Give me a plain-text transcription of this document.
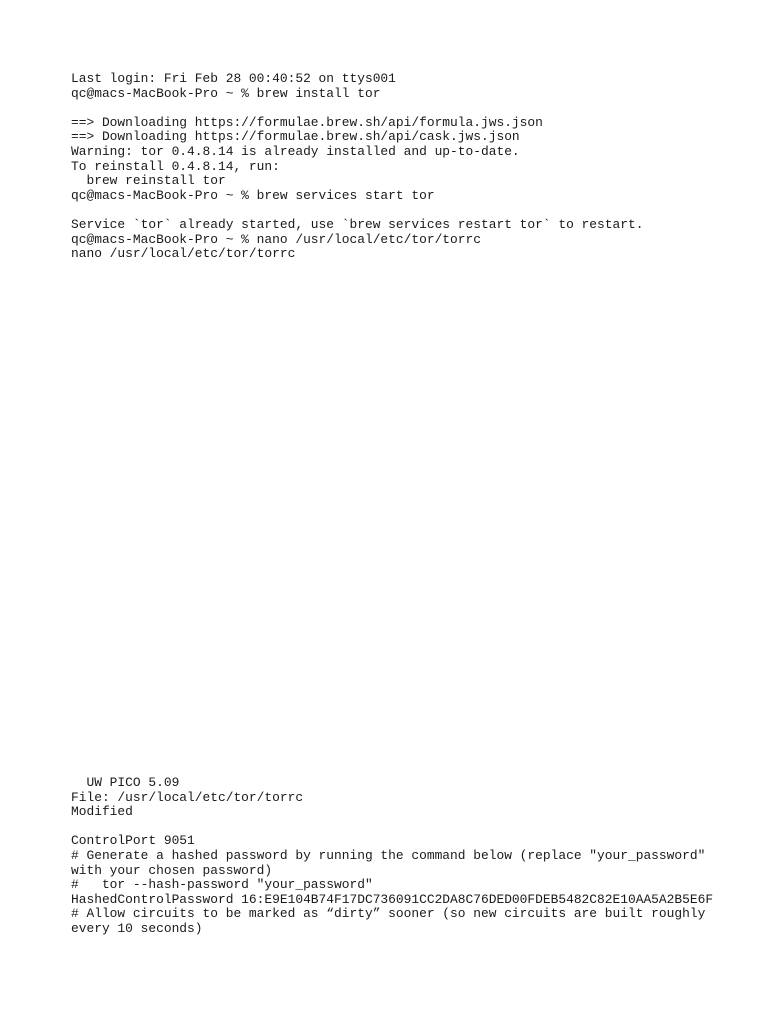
Last login: Fri Feb 28 00:40:52 on ttys001
qc@macs-MacBook-Pro ~ % brew install tor
==> Downloading https://formulae.brew.sh/api/formula.jws.json
==> Downloading https://formulae.brew.sh/api/cask.jws.json
Warning: tor 0.4.8.14 is already installed and up-to-date.
To reinstall 0.4.8.14, run:
brew reinstall tor
qc@macs-MacBook-Pro ~ % brew services start tor
Service `tor` already started, use `brew services restart tor` to restart.
qc@macs-MacBook-Pro ~ % nano /usr/local/etc/tor/torrc
nano /usr/local/etc/tor/torrc
UW PICO 5.09
File: /usr/local/etc/tor/torrc
Modified
ControlPort 9051
# Generate a hashed password by running the command below (replace "your_password"
with your chosen password)
#   tor --hash-password "your_password"
HashedControlPassword 16:E9E104B74F17DC736091CC2DA8C76DED00FDEB5482C82E10AA5A2B5E6F
# Allow circuits to be marked as “dirty” sooner (so new circuits are built roughly
every 10 seconds)
